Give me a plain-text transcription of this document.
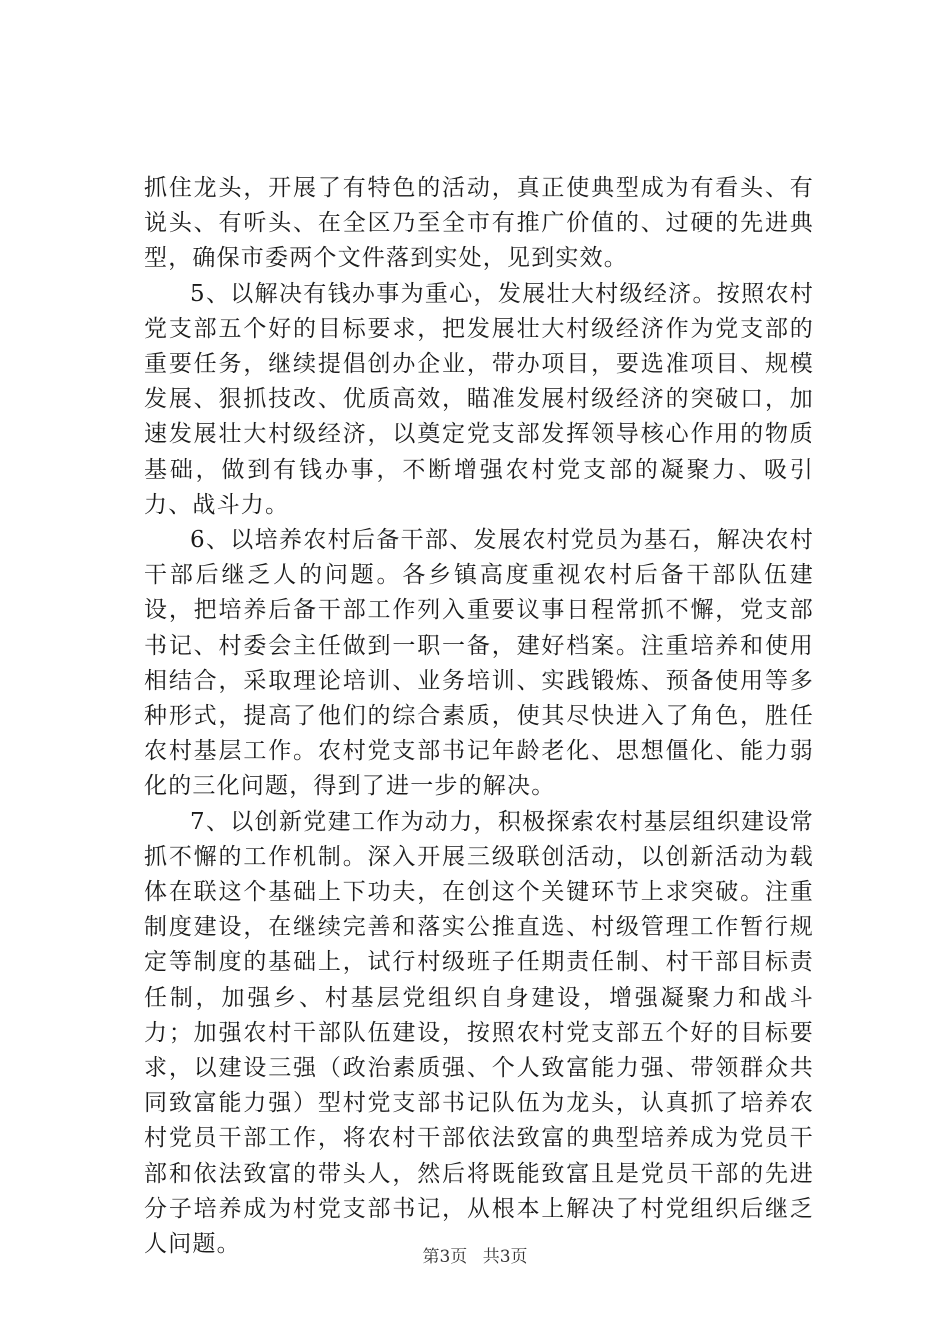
抓住龙头，开展了有特色的活动，真正使典型成为有看头、有说头、有听头、在全区乃至全市有推广价值的、过硬的先进典型，确保市委两个文件落到实处，见到实效。

5、以解决有钱办事为重心，发展壮大村级经济。按照农村党支部五个好的目标要求，把发展壮大村级经济作为党支部的重要任务，继续提倡创办企业，带办项目，要选准项目、规模发展、狠抓技改、优质高效，瞄准发展村级经济的突破口，加速发展壮大村级经济，以奠定党支部发挥领导核心作用的物质基础，做到有钱办事，不断增强农村党支部的凝聚力、吸引力、战斗力。

6、以培养农村后备干部、发展农村党员为基石，解决农村干部后继乏人的问题。各乡镇高度重视农村后备干部队伍建设，把培养后备干部工作列入重要议事日程常抓不懈，党支部书记、村委会主任做到一职一备，建好档案。注重培养和使用相结合，采取理论培训、业务培训、实践锻炼、预备使用等多种形式，提高了他们的综合素质，使其尽快进入了角色，胜任农村基层工作。农村党支部书记年龄老化、思想僵化、能力弱化的三化问题，得到了进一步的解决。

7、以创新党建工作为动力，积极探索农村基层组织建设常抓不懈的工作机制。深入开展三级联创活动，以创新活动为载体在联这个基础上下功夫，在创这个关键环节上求突破。注重制度建设，在继续完善和落实公推直选、村级管理工作暂行规定等制度的基础上，试行村级班子任期责任制、村干部目标责任制，加强乡、村基层党组织自身建设，增强凝聚力和战斗力；加强农村干部队伍建设，按照农村党支部五个好的目标要求，以建设三强（政治素质强、个人致富能力强、带领群众共同致富能力强）型村党支部书记队伍为龙头，认真抓了培养农村党员干部工作，将农村干部依法致富的典型培养成为党员干部和依法致富的带头人，然后将既能致富且是党员干部的先进分子培养成为村党支部书记，从根本上解决了村党组织后继乏人问题。	第3页 共3页
